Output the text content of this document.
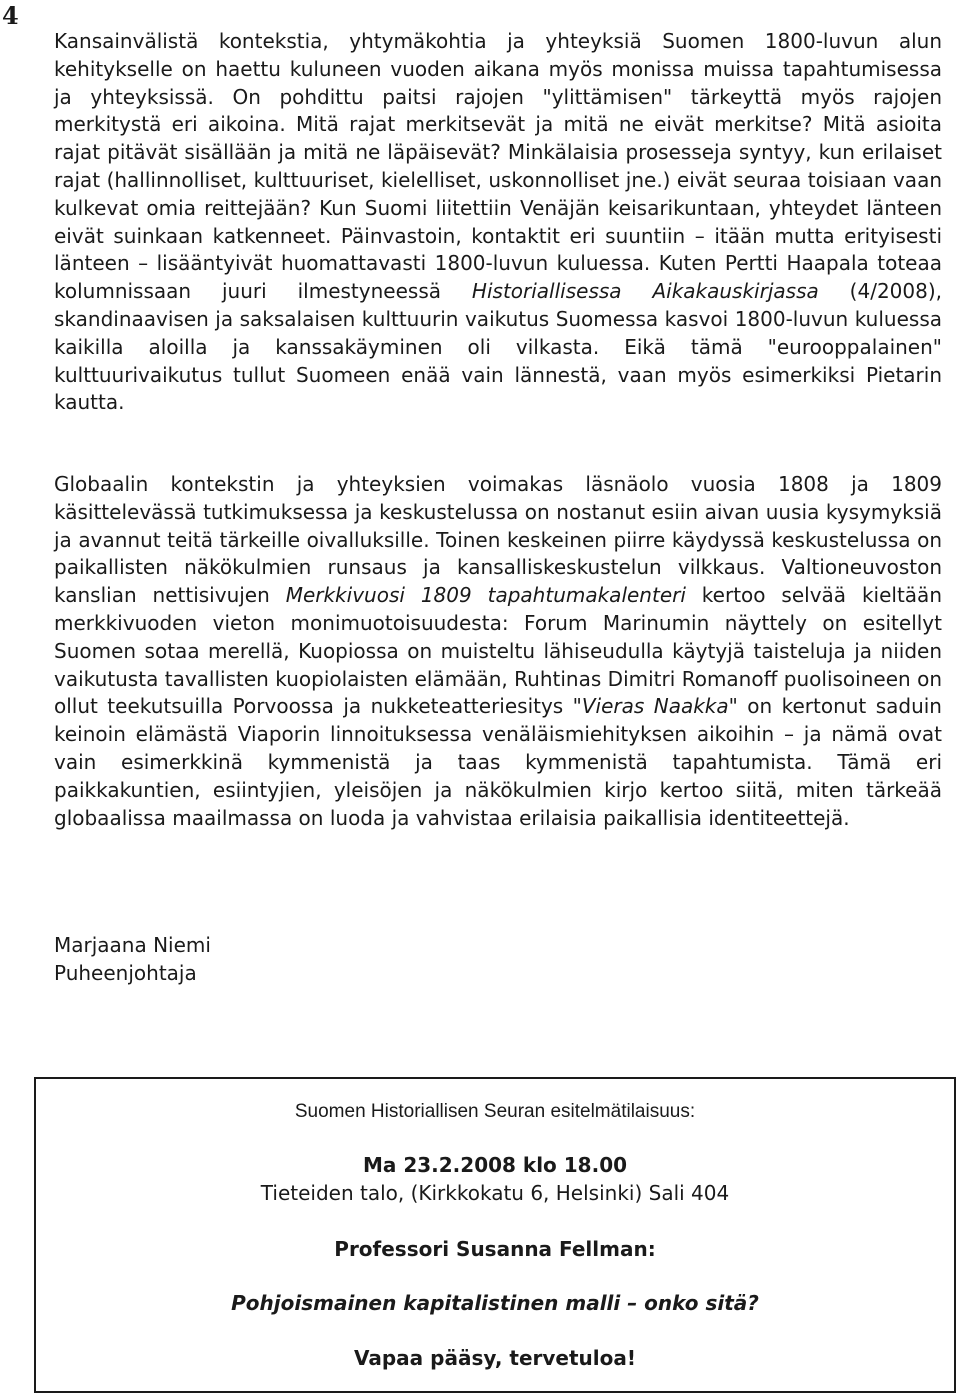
4

Kansainvälistä kontekstia, yhtymäkohtia ja yhteyksiä Suomen 1800-luvun alun kehitykselle on haettu kuluneen vuoden aikana myös monissa muissa tapahtumisessa ja yhteyksissä. On pohdittu paitsi rajojen "ylittämisen" tärkeyttä myös rajojen merkitystä eri aikoina. Mitä rajat merkitsevät ja mitä ne eivät merkitse? Mitä asioita rajat pitävät sisällään ja mitä ne läpäisevät? Minkälaisia prosesseja syntyy, kun erilaiset rajat (hallinnolliset, kulttuuriset, kielelliset, uskonnolliset jne.) eivät seuraa toisiaan vaan kulkevat omia reittejään? Kun Suomi liitettiin Venäjän keisarikuntaan, yhteydet länteen eivät suinkaan katkenneet. Päinvastoin, kontaktit eri suuntiin – itään mutta erityisesti länteen – lisääntyivät huomattavasti 1800-luvun kuluessa. Kuten Pertti Haapala toteaa kolumnissaan juuri ilmestyneessä Historiallisessa Aikakauskirjassa (4/2008), skandinaavisen ja saksalaisen kulttuurin vaikutus Suomessa kasvoi 1800-luvun kuluessa kaikilla aloilla ja kanssakäyminen oli vilkasta. Eikä tämä "eurooppalainen" kulttuurivaikutus tullut Suomeen enää vain lännestä, vaan myös esimerkiksi Pietarin kautta.

Globaalin kontekstin ja yhteyksien voimakas läsnäolo vuosia 1808 ja 1809 käsittelevässä tutkimuksessa ja keskustelussa on nostanut esiin aivan uusia kysymyksiä ja avannut teitä tärkeille oivalluksille. Toinen keskeinen piirre käydyssä keskustelussa on paikallisten näkökulmien runsaus ja kansalliskeskustelun vilkkaus. Valtioneuvoston kanslian nettisivujen Merkkivuosi 1809 tapahtumakalenteri kertoo selvää kieltään merkkivuoden vieton monimuotoisuudesta: Forum Marinumin näyttely on esitellyt Suomen sotaa merellä, Kuopiossa on muisteltu lähiseudulla käytyjä taisteluja ja niiden vaikutusta tavallisten kuopiolaisten elämään, Ruhtinas Dimitri Romanoff puolisoineen on ollut teekutsuilla Porvoossa ja nukketeatteriesitys "Vieras Naakka" on kertonut saduin keinoin elämästä Viaporin linnoituksessa venäläismiehityksen aikoihin – ja nämä ovat vain esimerkkinä kymmenistä ja taas kymmenistä tapahtumista. Tämä eri paikkakuntien, esiintyjien, yleisöjen ja näkökulmien kirjo kertoo siitä, miten tärkeää globaalissa maailmassa on luoda ja vahvistaa erilaisia paikallisia identiteettejä.

Marjaana Niemi
Puheenjohtaja
Suomen Historiallisen Seuran esitelmätilaisuus:
Ma 23.2.2008 klo 18.00
Tieteiden talo, (Kirkkokatu 6, Helsinki) Sali 404
Professori Susanna Fellman:
Pohjoismainen kapitalistinen malli – onko sitä?
Vapaa pääsy, tervetuloa!
